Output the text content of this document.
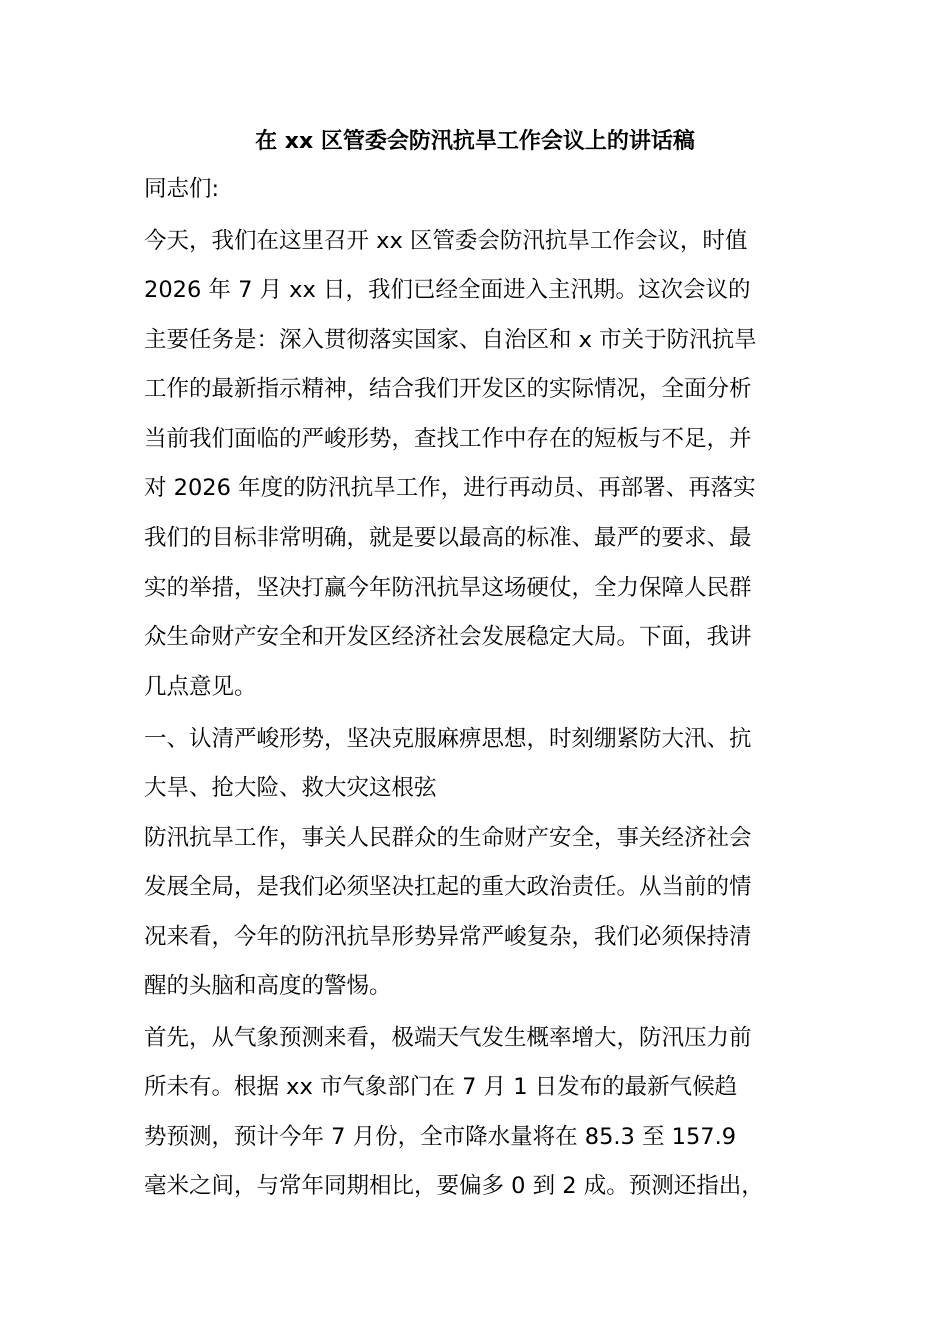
在 xx 区管委会防汛抗旱工作会议上的讲话稿

同志们:

今天，我们在这里召开 xx 区管委会防汛抗旱工作会议，时值

2026 年 7 月 xx 日，我们已经全面进入主汛期。这次会议的

主要任务是：深入贯彻落实国家、自治区和 x 市关于防汛抗旱

工作的最新指示精神，结合我们开发区的实际情况，全面分析

当前我们面临的严峻形势，查找工作中存在的短板与不足，并

对 2026 年度的防汛抗旱工作，进行再动员、再部署、再落实

我们的目标非常明确，就是要以最高的标准、最严的要求、最

实的举措，坚决打赢今年防汛抗旱这场硬仗，全力保障人民群

众生命财产安全和开发区经济社会发展稳定大局。下面，我讲

几点意见。

一、认清严峻形势，坚决克服麻痹思想，时刻绷紧防大汛、抗

大旱、抢大险、救大灾这根弦

防汛抗旱工作，事关人民群众的生命财产安全，事关经济社会

发展全局，是我们必须坚决扛起的重大政治责任。从当前的情

况来看，今年的防汛抗旱形势异常严峻复杂，我们必须保持清

醒的头脑和高度的警惕。

首先，从气象预测来看，极端天气发生概率增大，防汛压力前

所未有。根据 xx 市气象部门在 7 月 1 日发布的最新气候趋

势预测，预计今年 7 月份，全市降水量将在 85.3 至 157.9

毫米之间，与常年同期相比，要偏多 0 到 2 成。预测还指出，
